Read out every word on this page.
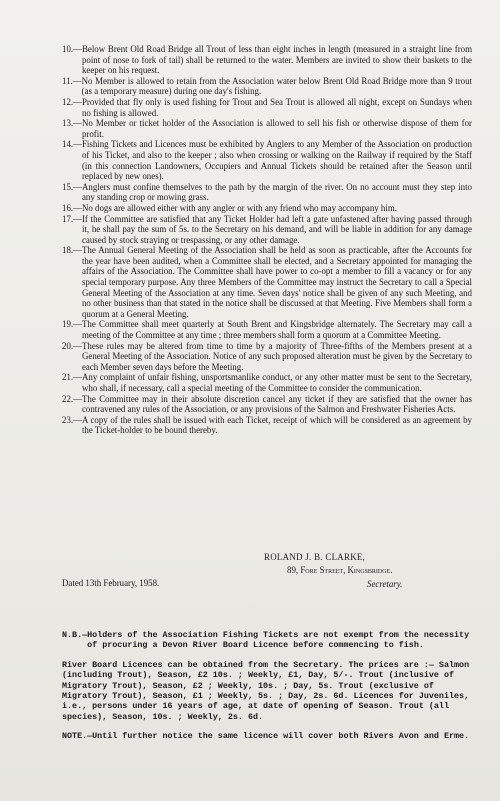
10.— Below Brent Old Road Bridge all Trout of less than eight inches in length (measured in a straight line from point of nose to fork of tail) shall be returned to the water. Members are invited to show their baskets to the keeper on his request.
11.— No Member is allowed to retain from the Association water below Brent Old Road Bridge more than 9 trout (as a temporary measure) during one day's fishing.
12.— Provided that fly only is used fishing for Trout and Sea Trout is allowed all night, except on Sundays when no fishing is allowed.
13.— No Member or ticket holder of the Association is allowed to sell his fish or otherwise dispose of them for profit.
14.— Fishing Tickets and Licences must be exhibited by Anglers to any Member of the Association on production of his Ticket, and also to the keeper ; also when crossing or walking on the Railway if required by the Staff (in this connection Landowners, Occupiers and Annual Tickets should be retained after the Season until replaced by new ones).
15.— Anglers must confine themselves to the path by the margin of the river. On no account must they step into any standing crop or mowing grass.
16.— No dogs are allowed either with any angler or with any friend who may accompany him.
17.— If the Committee are satisfied that any Ticket Holder had left a gate unfastened after having passed through it, he shall pay the sum of 5s. to the Secretary on his demand, and will be liable in addition for any damage caused by stock straying or trespassing, or any other damage.
18.— The Annual General Meeting of the Association shall be held as soon as practicable, after the Accounts for the year have been audited, when a Committee shall be elected, and a Secretary appointed for managing the affairs of the Association. The Committee shall have power to co-opt a member to fill a vacancy or for any special temporary purpose. Any three Members of the Committee may instruct the Secretary to call a Special General Meeting of the Association at any time. Seven days' notice shall be given of any such Meeting, and no other business than that stated in the notice shall be discussed at that Meeting. Five Members shall form a quorum at a General Meeting.
19.— The Committee shall meet quarterly at South Brent and Kingsbridge alternately. The Secretary may call a meeting of the Committee at any time ; three members shall form a quorum at a Committee Meeting.
20.— These rules may be altered from time to time by a majority of Three-fifths of the Members present at a General Meeting of the Association. Notice of any such proposed alteration must be given by the Secretary to each Member seven days before the Meeting.
21.— Any complaint of unfair fishing, unsportsmanlike conduct, or any other matter must be sent to the Secretary, who shall, if necessary, call a special meeting of the Committee to consider the communication.
22.— The Committee may in their absolute discretion cancel any ticket if they are satisfied that the owner has contravened any rules of the Association, or any provisions of the Salmon and Freshwater Fisheries Acts.
23.— A copy of the rules shall be issued with each Ticket, receipt of which will be considered as an agreement by the Ticket-holder to be bound thereby.
ROLAND J. B. CLARKE,
89, Fore Street, Kingsbridge.
Dated 13th February, 1958.	Secretary.
N.B.— Holders of the Association Fishing Tickets are not exempt from the necessity of procuring a Devon River Board Licence before commencing to fish.
River Board Licences can be obtained from the Secretary. The prices are :— Salmon (including Trout), Season, £2 10s. ; Weekly, £1, Day, 5/-. Trout (inclusive of Migratory Trout), Season, £2 ; Weekly, 10s. ; Day, 5s. Trout (exclusive of Migratory Trout), Season, £1 ; Weekly, 5s. ; Day, 2s. 6d. Licences for Juveniles, i.e., persons under 16 years of age, at date of opening of Season. Trout (all species), Season, 10s. ; Weekly, 2s. 6d.
NOTE.— Until further notice the same licence will cover both Rivers Avon and Erme.
